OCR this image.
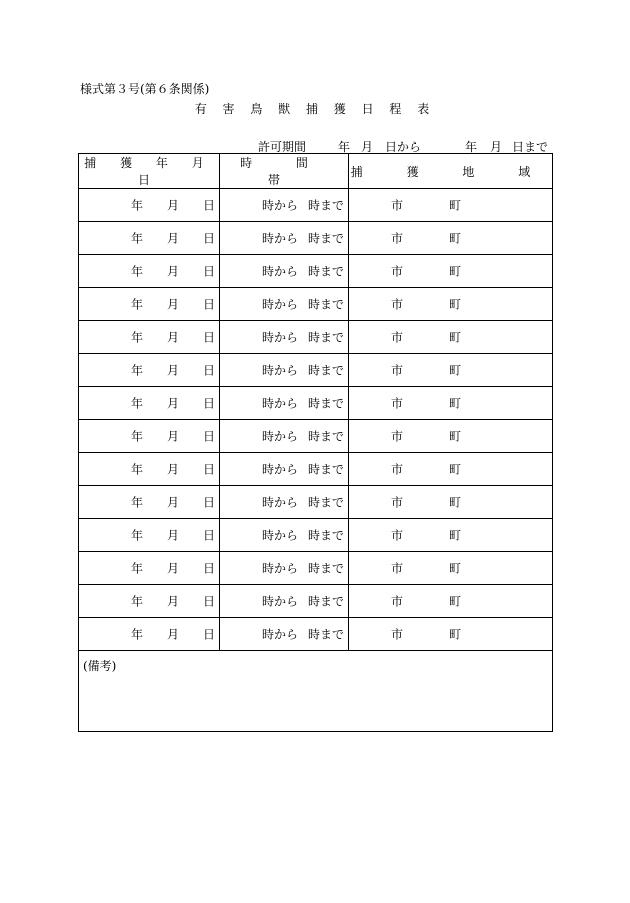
様式第３号(第６条関係)
有 害 鳥 獣 捕 獲 日 程 表
許可期間	年 月 日から	年 月 日まで
捕 獲 年 月 日	時 間 帯	捕 獲 地 域

年 月 日	時から 時まで	市 町

年 月 日	時から 時まで	市 町

年 月 日	時から 時まで	市 町

年 月 日	時から 時まで	市 町

年 月 日	時から 時まで	市 町

年 月 日	時から 時まで	市 町

年 月 日	時から 時まで	市 町

年 月 日	時から 時まで	市 町

年 月 日	時から 時まで	市 町

年 月 日	時から 時まで	市 町

年 月 日	時から 時まで	市 町

年 月 日	時から 時まで	市 町

年 月 日	時から 時まで	市 町

年 月 日	時から 時まで	市 町

(備考)		
